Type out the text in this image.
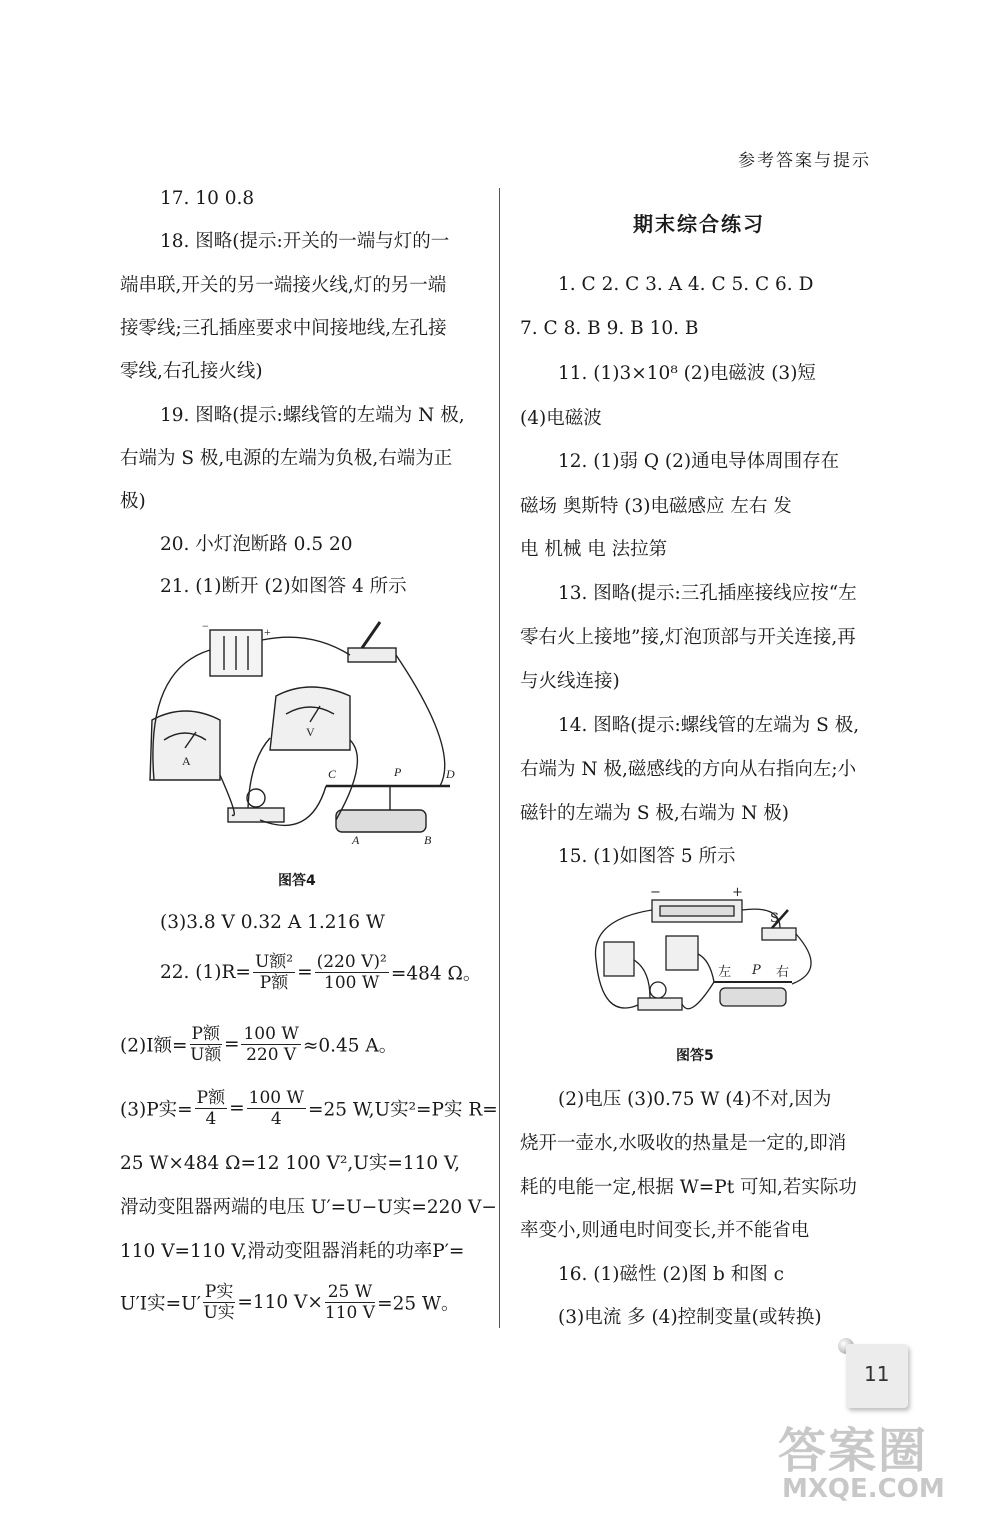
参考答案与提示
17. 10 0.8
18. 图略(提示:开关的一端与灯的一
端串联,开关的另一端接火线,灯的另一端
接零线;三孔插座要求中间接地线,左孔接
零线,右孔接火线)
19. 图略(提示:螺线管的左端为 N 极,
右端为 S 极,电源的左端为负极,右端为正
极)
20. 小灯泡断路 0.5 20
21. (1)断开 (2)如图答 4 所示
−	+
A
V
C	P	D
A	B
图答4
(3)3.8 V 0.32 A 1.216 W
22. $(1)R= \frac{\text{U额²}}{\text{P额}} = \frac{\text{(220 V)²}}{100 W} =484$ Ω。
(2)I额= $\frac{\text{P额}}{\text{U额}} = \frac{100 W}{220 V} \approx 0.45$ A。
(3)P实= $\frac{\text{P额}}{4} = \frac{100 W}{4} =25$ W,U实²=P实 R=
25 W×484 Ω=12 100 V²,U实=110 V,
滑动变阻器两端的电压 U′=U−U实=220 V−
110 V=110 V,滑动变阻器消耗的功率P′=
U′I实$=U' \frac{\text{P实}}{\text{U实}} =110$ $V\times \frac{25 W}{110 V} =25$ W。
期末综合练习
1. C 2. C 3. A 4. C 5. C 6. D
7. C 8. B 9. B 10. B
11. (1)3×10⁸ (2)电磁波 (3)短
(4)电磁波
12. (1)弱 Q (2)通电导体周围存在
磁场 奥斯特 (3)电磁感应 左右 发
电 机械 电 法拉第
13. 图略(提示:三孔插座接线应按“左
零右火上接地”接,灯泡顶部与开关连接,再
与火线连接)
14. 图略(提示:螺线管的左端为 S 极,
右端为 N 极,磁感线的方向从右指向左;小
磁针的左端为 S 极,右端为 N 极)
15. (1)如图答 5 所示
−	+
S
左 P 右
图答5
(2)电压 (3)0.75 W (4)不对,因为
烧开一壶水,水吸收的热量是一定的,即消
耗的电能一定,根据 W=Pt 可知,若实际功
率变小,则通电时间变长,并不能省电
16. (1)磁性 (2)图 b 和图 c
(3)电流 多 (4)控制变量(或转换)
11
答案圈
MXQE.COM
